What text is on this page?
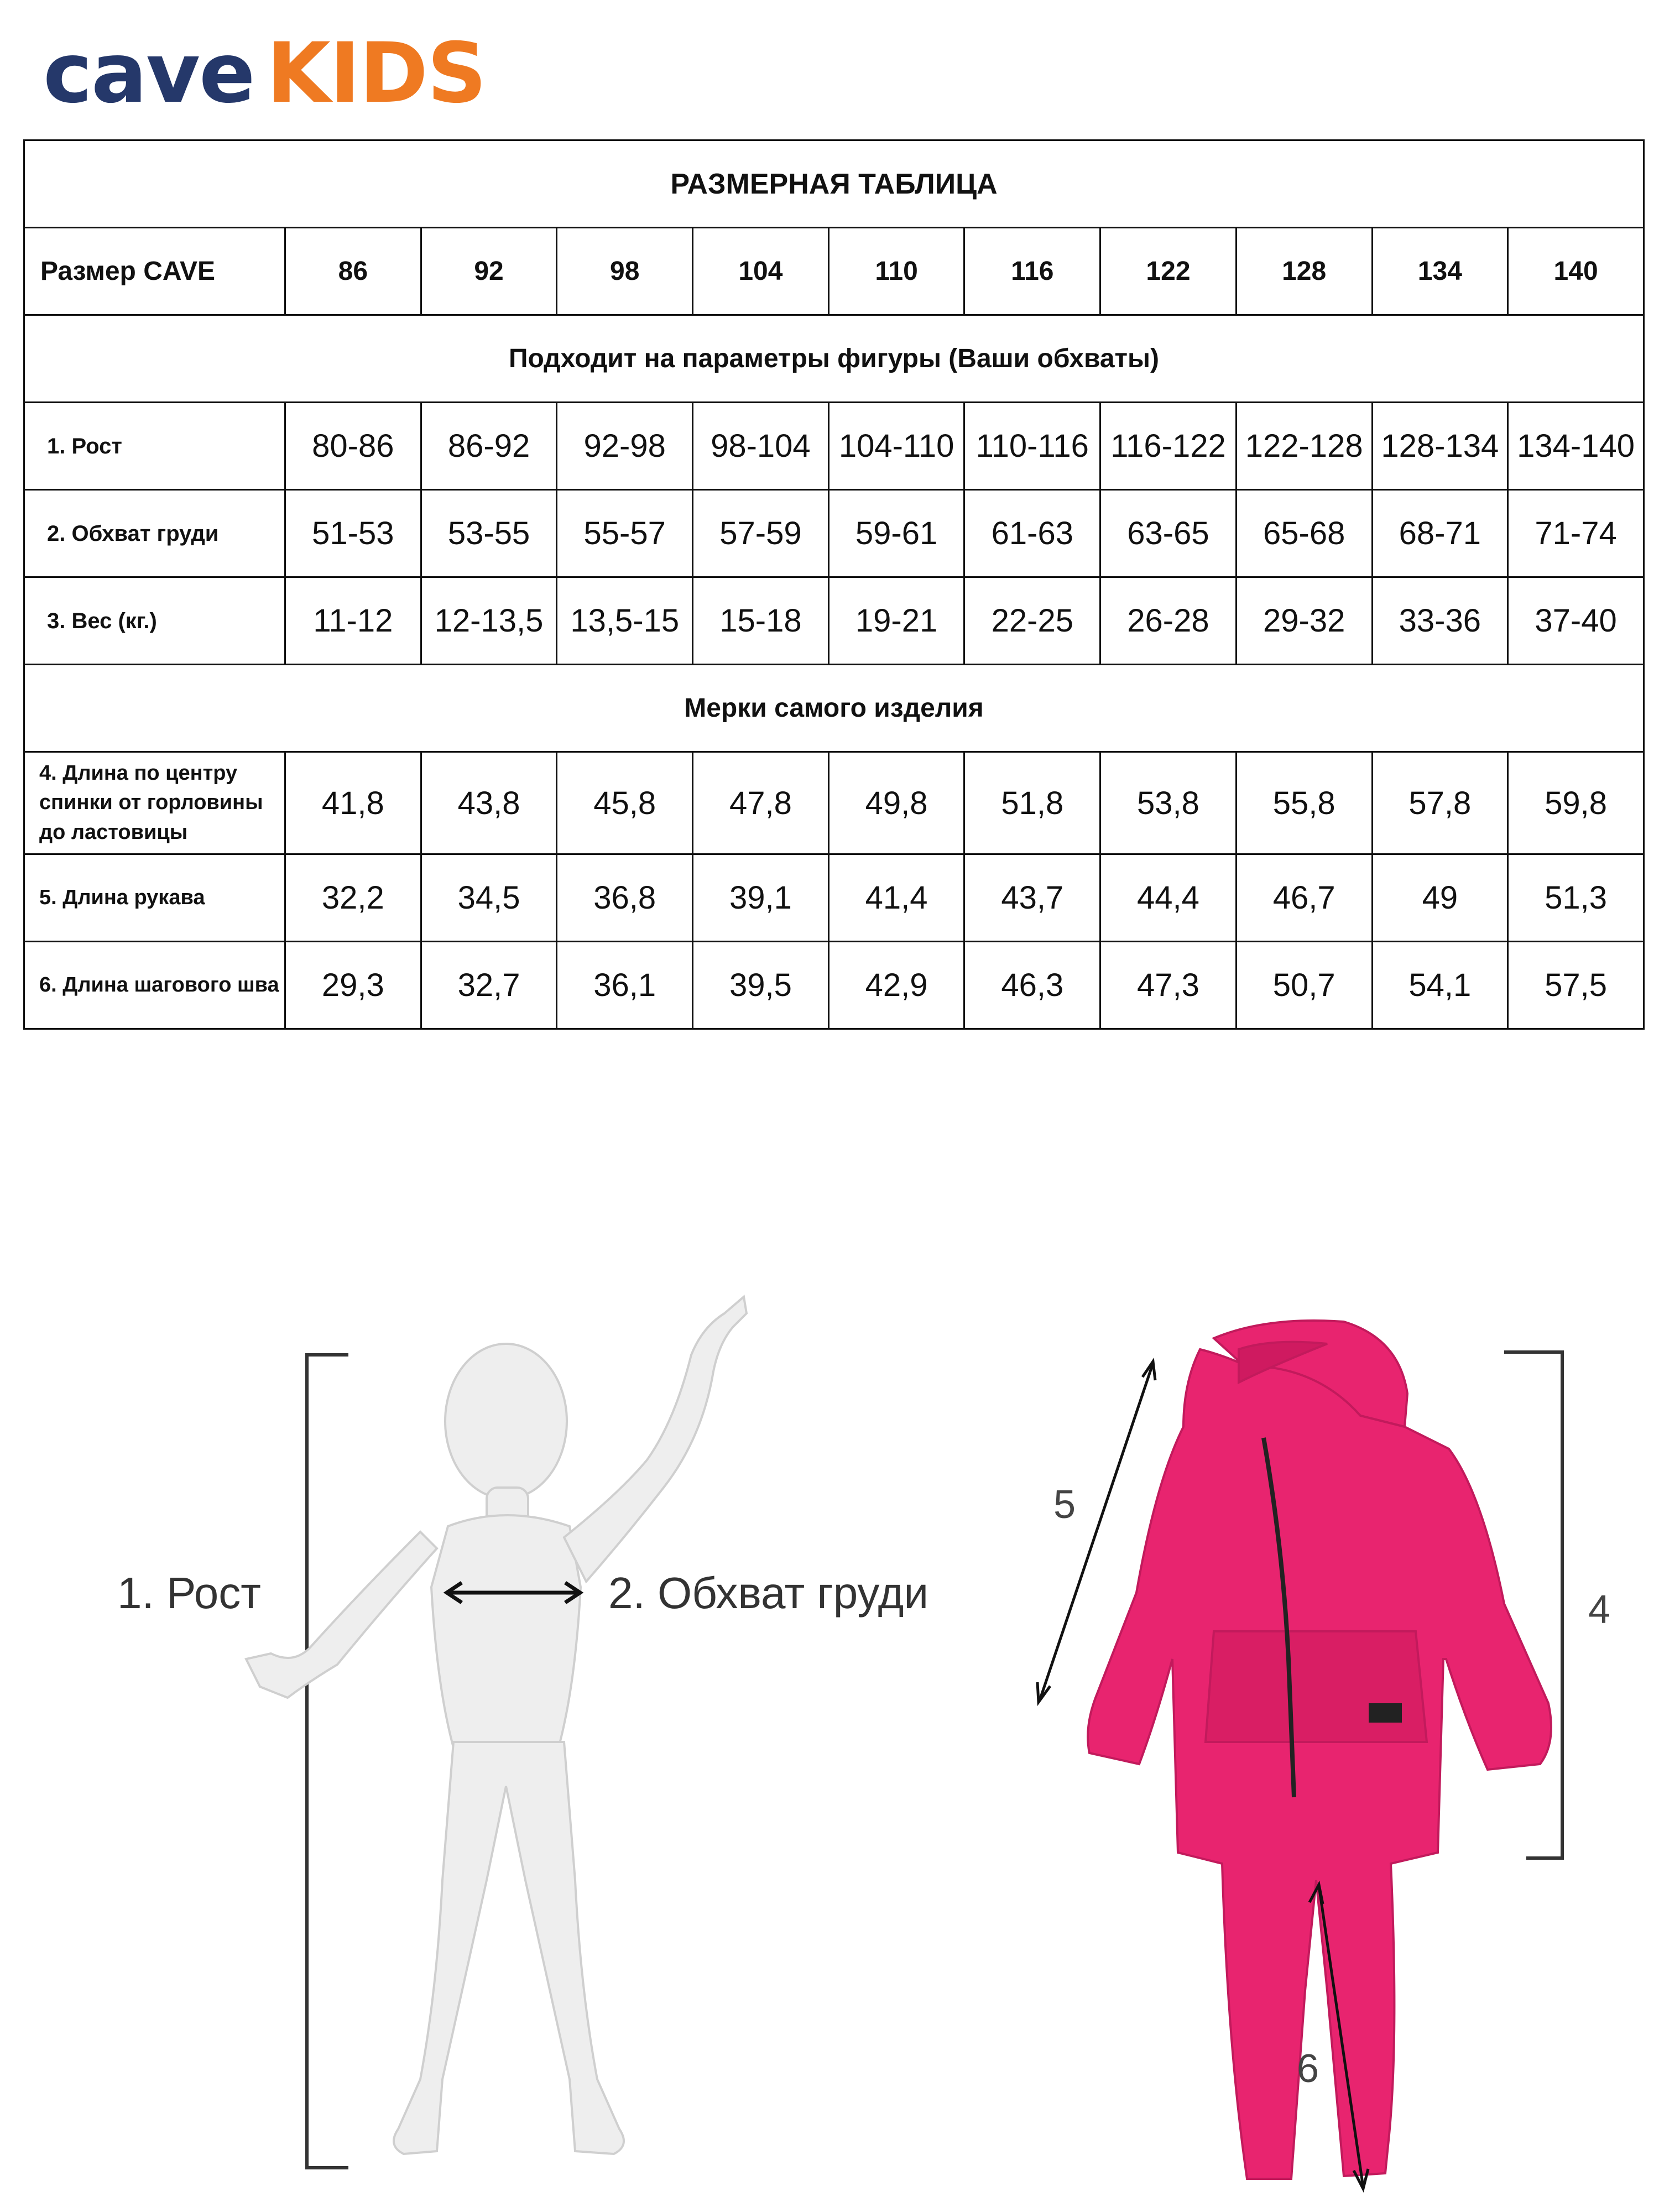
cave KIDS
РАЗМЕРНАЯ ТАБЛИЦА										
Размер CAVE	86	92	98	104	110	116	122	128	134	140
Подходит на параметры фигуры (Ваши обхваты)										
1. Рост	80-86	86-92	92-98	98-104	104-110	110-116	116-122	122-128	128-134	134-140
2. Обхват груди	51-53	53-55	55-57	57-59	59-61	61-63	63-65	65-68	68-71	71-74
3. Вес (кг.)	11-12	12-13,5	13,5-15	15-18	19-21	22-25	26-28	29-32	33-36	37-40
Мерки самого изделия										
4. Длина по центру спинки от горловины до ластовицы	41,8	43,8	45,8	47,8	49,8	51,8	53,8	55,8	57,8	59,8
5. Длина рукава	32,2	34,5	36,8	39,1	41,4	43,7	44,4	46,7	49	51,3
6. Длина шагового шва	29,3	32,7	36,1	39,5	42,9	46,3	47,3	50,7	54,1	57,5
1. Рост	2. Обхват груди
5
4
6
